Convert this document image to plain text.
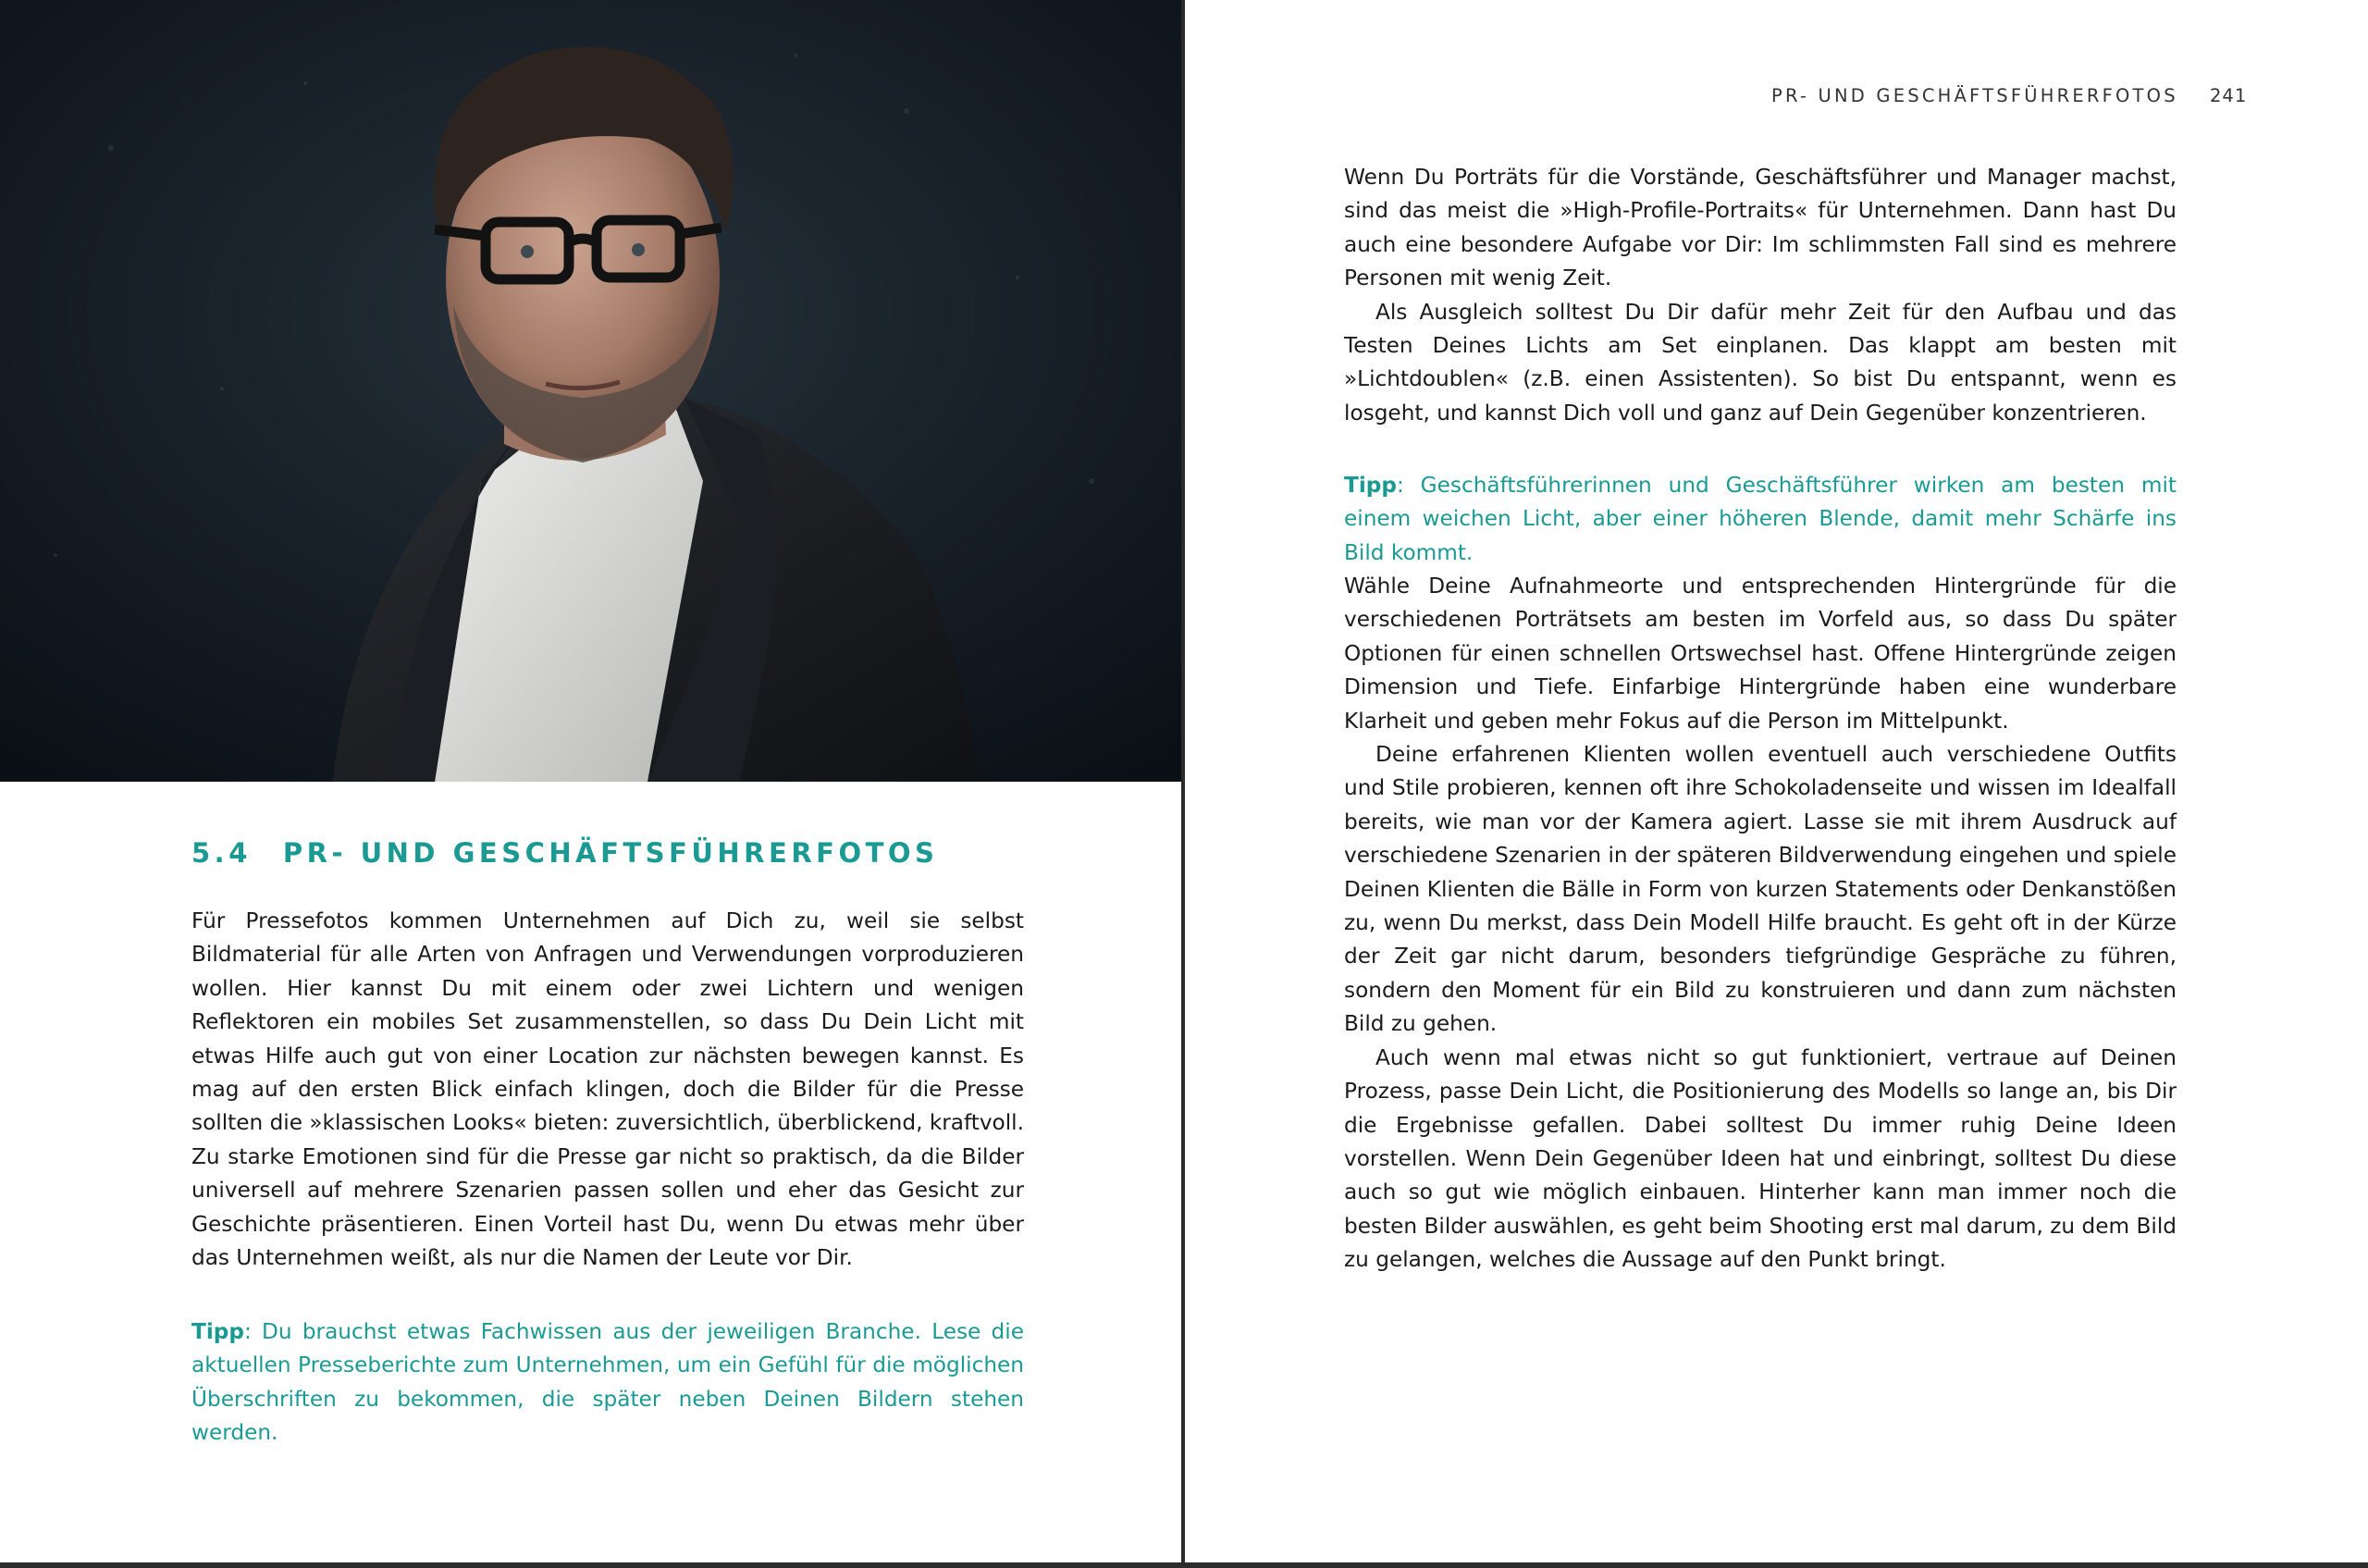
5.4 PR- UND GESCHÄFTSFÜHRERFOTOS

Für Pressefotos kommen Unternehmen auf Dich zu, weil sie selbst Bildmaterial für alle Arten von Anfragen und Verwendungen vorproduzieren wollen. Hier kannst Du mit einem oder zwei Lichtern und wenigen Reflektoren ein mobiles Set zusammenstellen, so dass Du Dein Licht mit etwas Hilfe auch gut von einer Location zur nächsten bewegen kannst. Es mag auf den ersten Blick einfach klingen, doch die Bilder für die Presse sollten die »klassischen Looks« bieten: zuversichtlich, überblickend, kraftvoll. Zu starke Emotionen sind für die Presse gar nicht so praktisch, da die Bilder universell auf mehrere Szenarien passen sollen und eher das Gesicht zur Geschichte präsentieren. Einen Vorteil hast Du, wenn Du etwas mehr über das Unternehmen weißt, als nur die Namen der Leute vor Dir.

Tipp: Du brauchst etwas Fachwissen aus der jeweiligen Branche. Lese die aktuellen Presseberichte zum Unternehmen, um ein Gefühl für die möglichen Überschriften zu bekommen, die später neben Deinen Bildern stehen werden.

PR- UND GESCHÄFTSFÜHRERFOTOS	241

Wenn Du Porträts für die Vorstände, Geschäftsführer und Manager machst, sind das meist die »High-Profile-Portraits« für Unternehmen. Dann hast Du auch eine besondere Aufgabe vor Dir: Im schlimmsten Fall sind es mehrere Personen mit wenig Zeit.

Als Ausgleich solltest Du Dir dafür mehr Zeit für den Aufbau und das Testen Deines Lichts am Set einplanen. Das klappt am besten mit »Lichtdoublen« (z.B. einen Assistenten). So bist Du entspannt, wenn es losgeht, und kannst Dich voll und ganz auf Dein Gegenüber konzentrieren.

Tipp: Geschäftsführerinnen und Geschäftsführer wirken am besten mit einem weichen Licht, aber einer höheren Blende, damit mehr Schärfe ins Bild kommt.

Wähle Deine Aufnahmeorte und entsprechenden Hintergründe für die verschiedenen Porträtsets am besten im Vorfeld aus, so dass Du später Optionen für einen schnellen Ortswechsel hast. Offene Hintergründe zeigen Dimension und Tiefe. Einfarbige Hintergründe haben eine wunderbare Klarheit und geben mehr Fokus auf die Person im Mittelpunkt.

Deine erfahrenen Klienten wollen eventuell auch verschiedene Outfits und Stile probieren, kennen oft ihre Schokoladenseite und wissen im Idealfall bereits, wie man vor der Kamera agiert. Lasse sie mit ihrem Ausdruck auf verschiedene Szenarien in der späteren Bildverwendung eingehen und spiele Deinen Klienten die Bälle in Form von kurzen Statements oder Denkanstößen zu, wenn Du merkst, dass Dein Modell Hilfe braucht. Es geht oft in der Kürze der Zeit gar nicht darum, besonders tiefgründige Gespräche zu führen, sondern den Moment für ein Bild zu konstruieren und dann zum nächsten Bild zu gehen.

Auch wenn mal etwas nicht so gut funktioniert, vertraue auf Deinen Prozess, passe Dein Licht, die Positionierung des Modells so lange an, bis Dir die Ergebnisse gefallen. Dabei solltest Du immer ruhig Deine Ideen vorstellen. Wenn Dein Gegenüber Ideen hat und einbringt, solltest Du diese auch so gut wie möglich einbauen. Hinterher kann man immer noch die besten Bilder auswählen, es geht beim Shooting erst mal darum, zu dem Bild zu gelangen, welches die Aussage auf den Punkt bringt.
